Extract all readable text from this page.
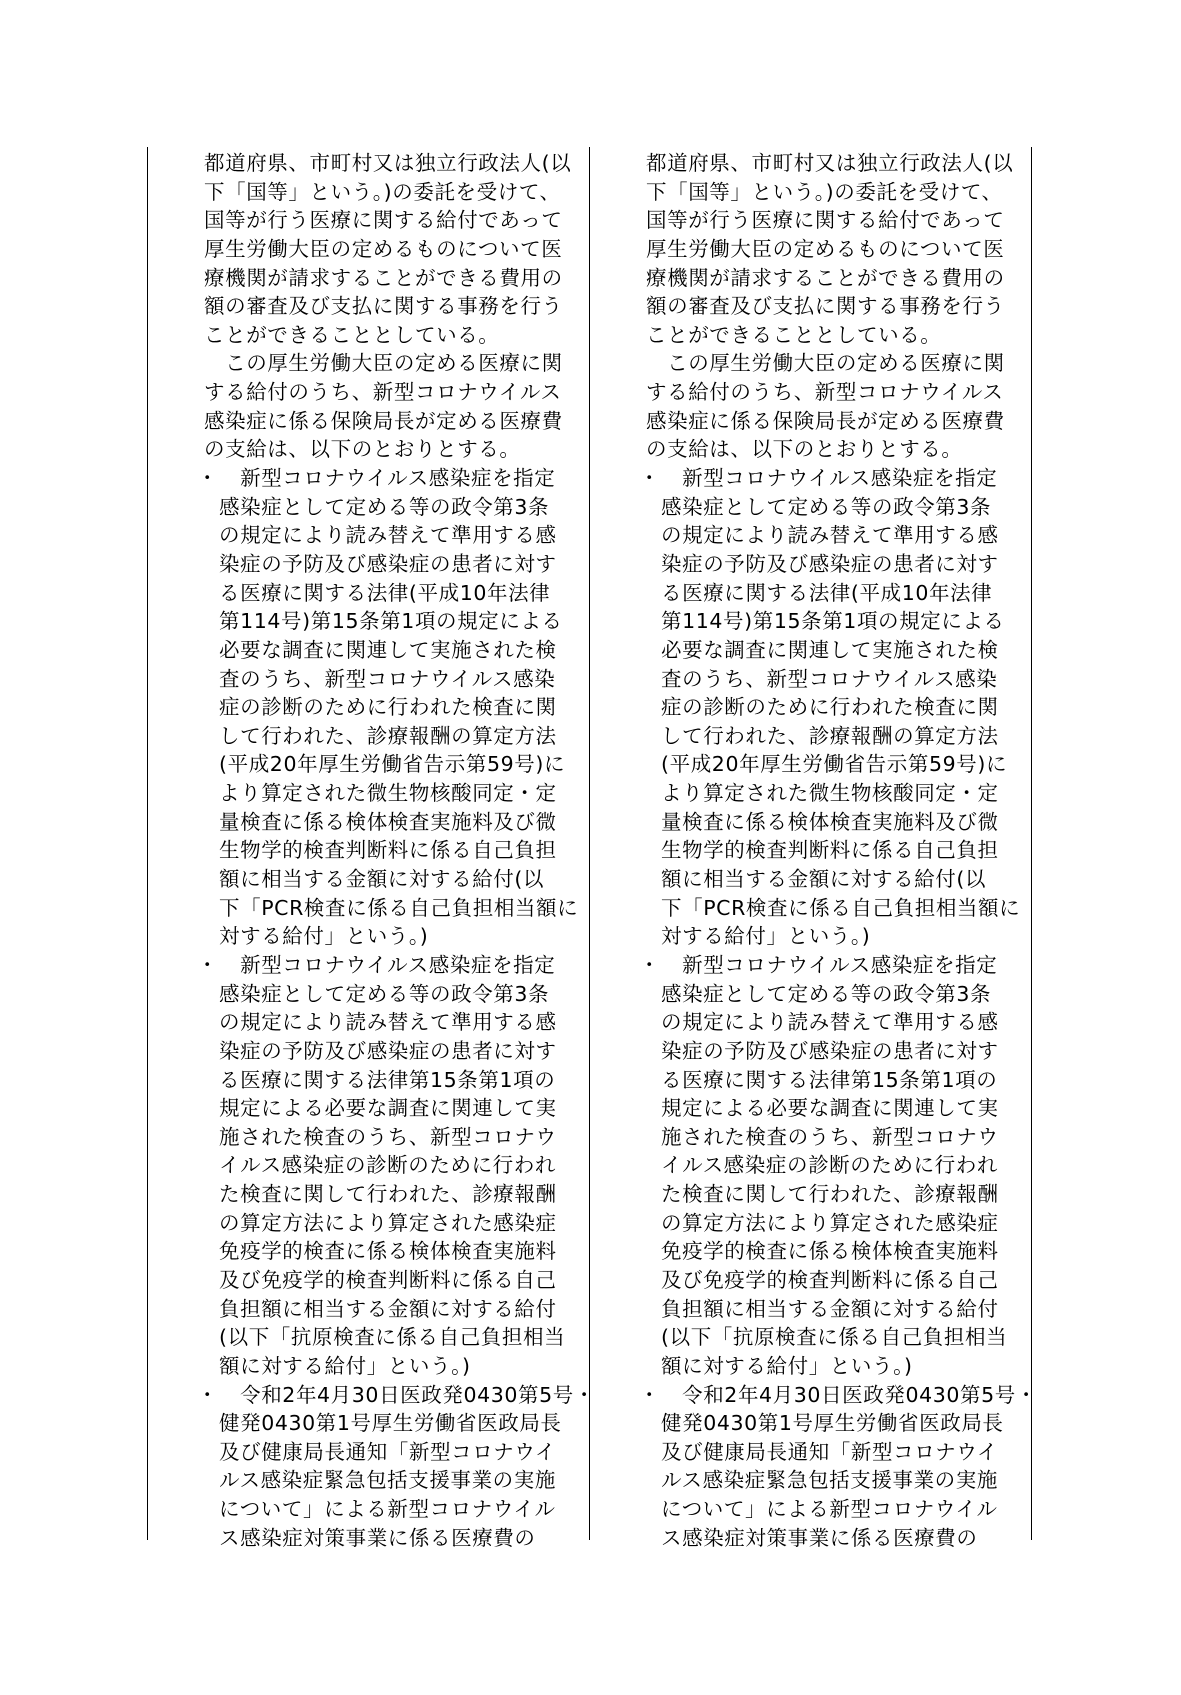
都道府県、市町村又は独立行政法人(以
下「国等」という。)の委託を受けて、
国等が行う医療に関する給付であって
厚生労働大臣の定めるものについて医
療機関が請求することができる費用の
額の審査及び支払に関する事務を行う
ことができることとしている。
　この厚生労働大臣の定める医療に関
する給付のうち、新型コロナウイルス
感染症に係る保険局長が定める医療費
の支給は、以下のとおりとする。
・ 　新型コロナウイルス感染症を指定
感染症として定める等の政令第3条
の規定により読み替えて準用する感
染症の予防及び感染症の患者に対す
る医療に関する法律(平成10年法律
第114号)第15条第1項の規定による
必要な調査に関連して実施された検
査のうち、新型コロナウイルス感染
症の診断のために行われた検査に関
して行われた、診療報酬の算定方法
(平成20年厚生労働省告示第59号)に
より算定された微生物核酸同定・定
量検査に係る検体検査実施料及び微
生物学的検査判断料に係る自己負担
額に相当する金額に対する給付(以
下「PCR検査に係る自己負担相当額に
対する給付」という。)
・ 　新型コロナウイルス感染症を指定
感染症として定める等の政令第3条
の規定により読み替えて準用する感
染症の予防及び感染症の患者に対す
る医療に関する法律第15条第1項の
規定による必要な調査に関連して実
施された検査のうち、新型コロナウ
イルス感染症の診断のために行われ
た検査に関して行われた、診療報酬
の算定方法により算定された感染症
免疫学的検査に係る検体検査実施料
及び免疫学的検査判断料に係る自己
負担額に相当する金額に対する給付
(以下「抗原検査に係る自己負担相当
額に対する給付」という。)
・ 　令和2年4月30日医政発0430第5号・
健発0430第1号厚生労働省医政局長
及び健康局長通知「新型コロナウイ
ルス感染症緊急包括支援事業の実施
について」による新型コロナウイル
ス感染症対策事業に係る医療費の
都道府県、市町村又は独立行政法人(以
下「国等」という。)の委託を受けて、
国等が行う医療に関する給付であって
厚生労働大臣の定めるものについて医
療機関が請求することができる費用の
額の審査及び支払に関する事務を行う
ことができることとしている。
　この厚生労働大臣の定める医療に関
する給付のうち、新型コロナウイルス
感染症に係る保険局長が定める医療費
の支給は、以下のとおりとする。
・ 　新型コロナウイルス感染症を指定
感染症として定める等の政令第3条
の規定により読み替えて準用する感
染症の予防及び感染症の患者に対す
る医療に関する法律(平成10年法律
第114号)第15条第1項の規定による
必要な調査に関連して実施された検
査のうち、新型コロナウイルス感染
症の診断のために行われた検査に関
して行われた、診療報酬の算定方法
(平成20年厚生労働省告示第59号)に
より算定された微生物核酸同定・定
量検査に係る検体検査実施料及び微
生物学的検査判断料に係る自己負担
額に相当する金額に対する給付(以
下「PCR検査に係る自己負担相当額に
対する給付」という。)
・ 　新型コロナウイルス感染症を指定
感染症として定める等の政令第3条
の規定により読み替えて準用する感
染症の予防及び感染症の患者に対す
る医療に関する法律第15条第1項の
規定による必要な調査に関連して実
施された検査のうち、新型コロナウ
イルス感染症の診断のために行われ
た検査に関して行われた、診療報酬
の算定方法により算定された感染症
免疫学的検査に係る検体検査実施料
及び免疫学的検査判断料に係る自己
負担額に相当する金額に対する給付
(以下「抗原検査に係る自己負担相当
額に対する給付」という。)
・ 　令和2年4月30日医政発0430第5号・
健発0430第1号厚生労働省医政局長
及び健康局長通知「新型コロナウイ
ルス感染症緊急包括支援事業の実施
について」による新型コロナウイル
ス感染症対策事業に係る医療費の
